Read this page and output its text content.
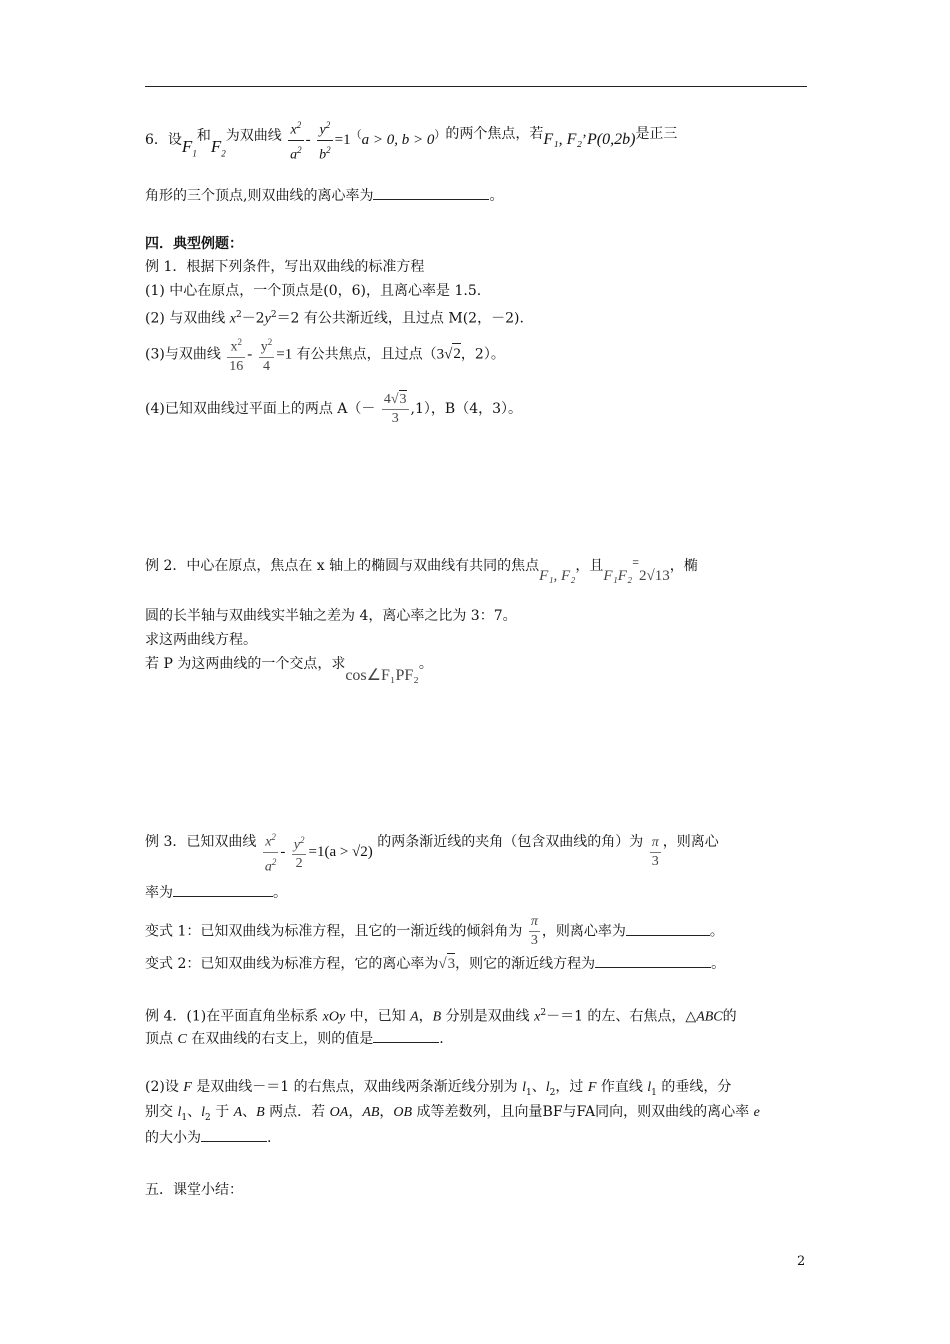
6．设$F_1$和$F_2$为双曲线 $\frac{x^2}{a^2} - \frac{y^2}{b^2} =1^(a > 0$, b > 0）的两个焦点，若F₁, F₂’P(0,2b)是正三
角形的三个顶点,则双曲线的离心率为	。
四．典型例题：
例 1．根据下列条件，写出双曲线的标准方程
(1) 中心在原点，一个顶点是(0，6)，且离心率是 1.5.
(2) 与双曲线 $x^2-2y^2=2$ 有公共渐近线，且过点 M(2，－2).
(3)与双曲线 $\frac{x^2}{16} - \frac{y^2}{4} =1$ 有公共焦点，且过点（3√2，2）。
(4)已知双曲线过平面上的两点 $A(- \frac{4√3}{3} ,1)$，B（4，3）。
例 2．中心在原点，焦点在 x 轴上的椭圆与双曲线有共同的焦点F₁, F₂，且F₁F₂=2√13，椭
圆的长半轴与双曲线实半轴之差为 4，离心率之比为 3：7。
求这两曲线方程。
若 P 为这两曲线的一个交点，求cos∠F₁PF₂。
例 3．已知双曲线 $\frac{x^2}{a^2} - \frac{y^2}{2} =1(a > √2)$ 的两条渐近线的夹角（包含双曲线的角）为 $\frac{\pi}{3}$ ，则离心
率为	。
变式 1：已知双曲线为标准方程，且它的一渐近线的倾斜角为 $\frac{\pi}{3}$ ，则离心率为	。
变式 2：已知双曲线为标准方程，它的离心率为√3，则它的渐近线方程为	。
例 4．(1)在平面直角坐标系 xOy 中，已知 A，B 分别是双曲线 $x^2-=1$ 的左、右焦点，△ABC的
顶点 C 在双曲线的右支上，则的值是	.
(2)设 F 是双曲线－＝1 的右焦点，双曲线两条渐近线分别为 $l_1$、$l_2$，过 F 作直线 $l_1$ 的垂线，分
别交 $l_1$、$l_2$ 于 A、B 两点．若 OA，AB，OB 成等差数列，且向量BF与FA同向，则双曲线的离心率 e
的大小为	.
五．课堂小结：
2
